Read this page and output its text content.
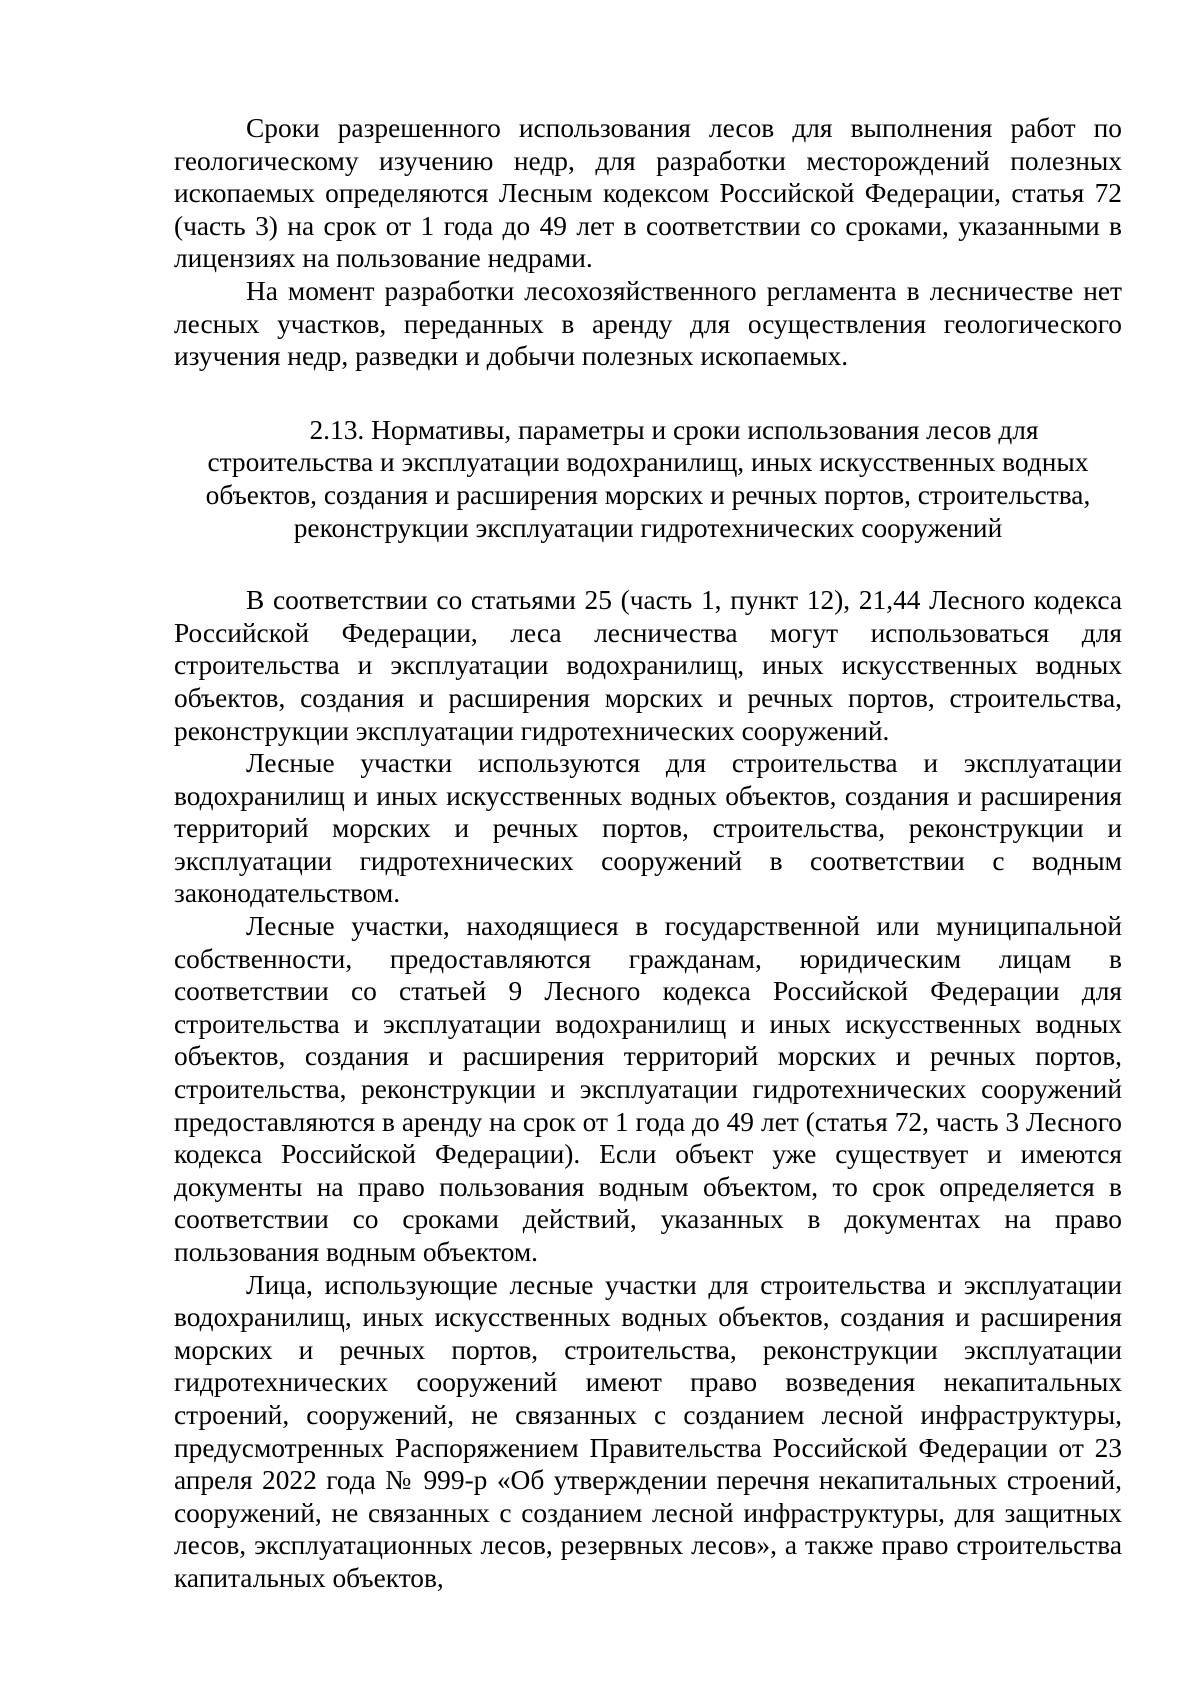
Сроки разрешенного использования лесов для выполнения работ по геологическому изучению недр, для разработки месторождений полезных ископаемых определяются Лесным кодексом Российской Федерации, статья 72 (часть 3) на срок от 1 года до 49 лет в соответствии со сроками, указанными в лицензиях на пользование недрами.

На момент разработки лесохозяйственного регламента в лесничестве нет лесных участков, переданных в аренду для осуществления геологического изучения недр, разведки и добычи полезных ископаемых.

2.13. Нормативы, параметры и сроки использования лесов для
строительства и эксплуатации водохранилищ, иных искусственных водных
объектов, создания и расширения морских и речных портов, строительства,
реконструкции эксплуатации гидротехнических сооружений

В соответствии со статьями 25 (часть 1, пункт 12), 21,44 Лесного кодекса Российской Федерации, леса лесничества могут использоваться для строительства и эксплуатации водохранилищ, иных искусственных водных объектов, создания и расширения морских и речных портов, строительства, реконструкции эксплуатации гидротехнических сооружений.

Лесные участки используются для строительства и эксплуатации водохранилищ и иных искусственных водных объектов, создания и расширения территорий морских и речных портов, строительства, реконструкции и эксплуатации гидротехнических сооружений в соответствии с водным законодательством.

Лесные участки, находящиеся в государственной или муниципальной собственности, предоставляются гражданам, юридическим лицам в соответствии со статьей 9 Лесного кодекса Российской Федерации для строительства и эксплуатации водохранилищ и иных искусственных водных объектов, создания и расширения территорий морских и речных портов, строительства, реконструкции и эксплуатации гидротехнических сооружений предоставляются в аренду на срок от 1 года до 49 лет (статья 72, часть 3 Лесного кодекса Российской Федерации). Если объект уже существует и имеются документы на право пользования водным объектом, то срок определяется в соответствии со сроками действий, указанных в документах на право пользования водным объектом.

Лица, использующие лесные участки для строительства и эксплуатации водохранилищ, иных искусственных водных объектов, создания и расширения морских и речных портов, строительства, реконструкции эксплуатации гидротехнических сооружений имеют право возведения некапитальных строений, сооружений, не связанных с созданием лесной инфраструктуры, предусмотренных Распоряжением Правительства Российской Федерации от 23 апреля 2022 года № 999-р «Об утверждении перечня некапитальных строений, сооружений, не связанных с созданием лесной инфраструктуры, для защитных лесов, эксплуатационных лесов, резервных лесов», а также право строительства капитальных объектов,
